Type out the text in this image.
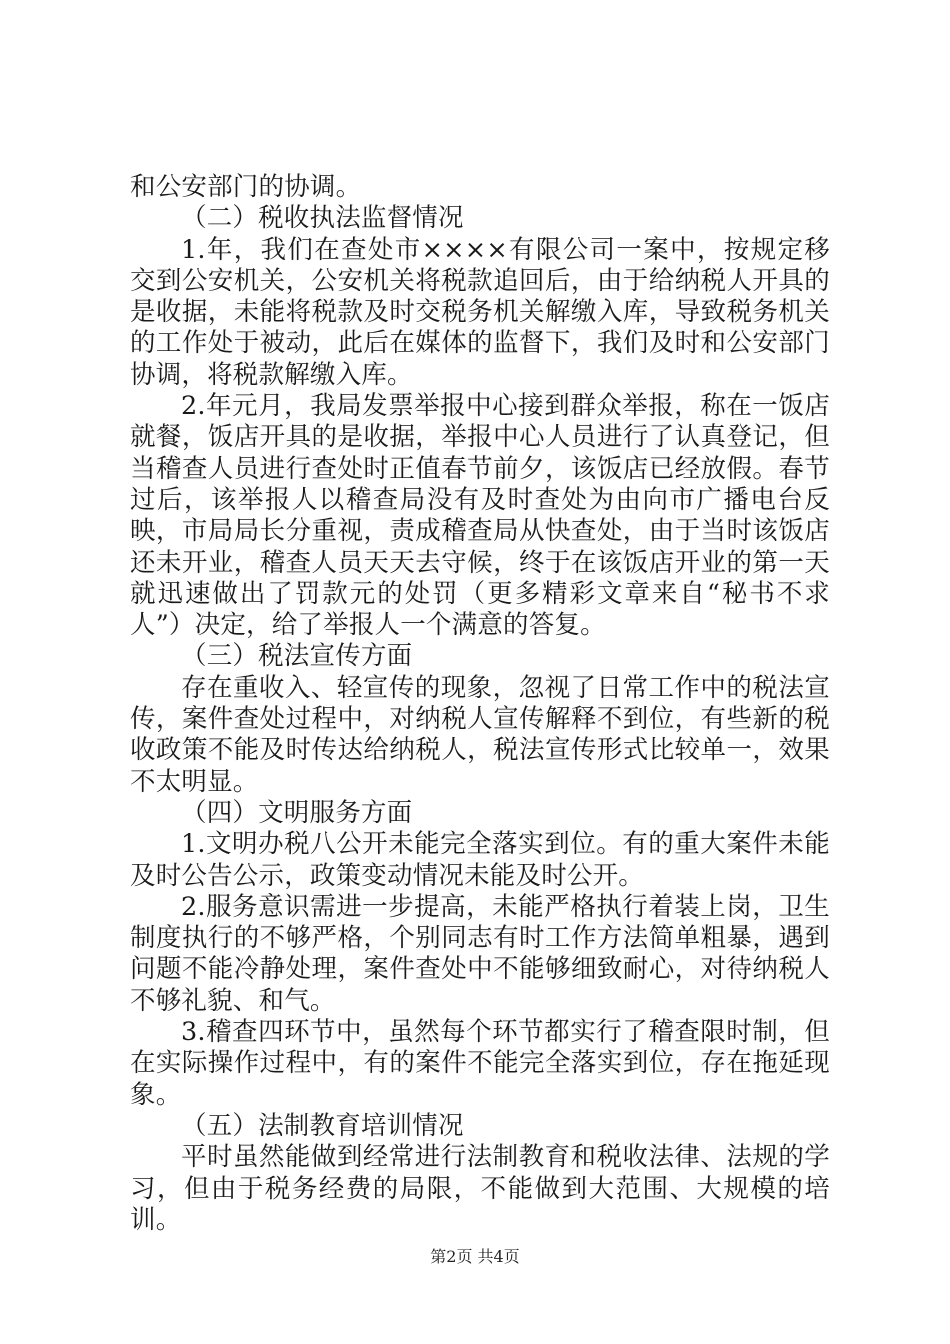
和公安部门的协调。

（二）税收执法监督情况

1.年，我们在查处市××××有限公司一案中，按规定移交到公安机关，公安机关将税款追回后，由于给纳税人开具的是收据，未能将税款及时交税务机关解缴入库，导致税务机关的工作处于被动，此后在媒体的监督下，我们及时和公安部门协调，将税款解缴入库。

2.年元月，我局发票举报中心接到群众举报，称在一饭店就餐，饭店开具的是收据，举报中心人员进行了认真登记，但当稽查人员进行查处时正值春节前夕，该饭店已经放假。春节过后，该举报人以稽查局没有及时查处为由向市广播电台反映，市局局长分重视，责成稽查局从快查处，由于当时该饭店还未开业，稽查人员天天去守候，终于在该饭店开业的第一天就迅速做出了罚款元的处罚（更多精彩文章来自“秘书不求人”）决定，给了举报人一个满意的答复。

（三）税法宣传方面

存在重收入、轻宣传的现象，忽视了日常工作中的税法宣传，案件查处过程中，对纳税人宣传解释不到位，有些新的税收政策不能及时传达给纳税人，税法宣传形式比较单一，效果不太明显。

（四）文明服务方面

1.文明办税八公开未能完全落实到位。有的重大案件未能及时公告公示，政策变动情况未能及时公开。

2.服务意识需进一步提高，未能严格执行着装上岗，卫生制度执行的不够严格，个别同志有时工作方法简单粗暴，遇到问题不能冷静处理，案件查处中不能够细致耐心，对待纳税人不够礼貌、和气。

3.稽查四环节中，虽然每个环节都实行了稽查限时制，但在实际操作过程中，有的案件不能完全落实到位，存在拖延现象。

（五）法制教育培训情况

平时虽然能做到经常进行法制教育和税收法律、法规的学习，但由于税务经费的局限，不能做到大范围、大规模的培训。

第2页 共4页
